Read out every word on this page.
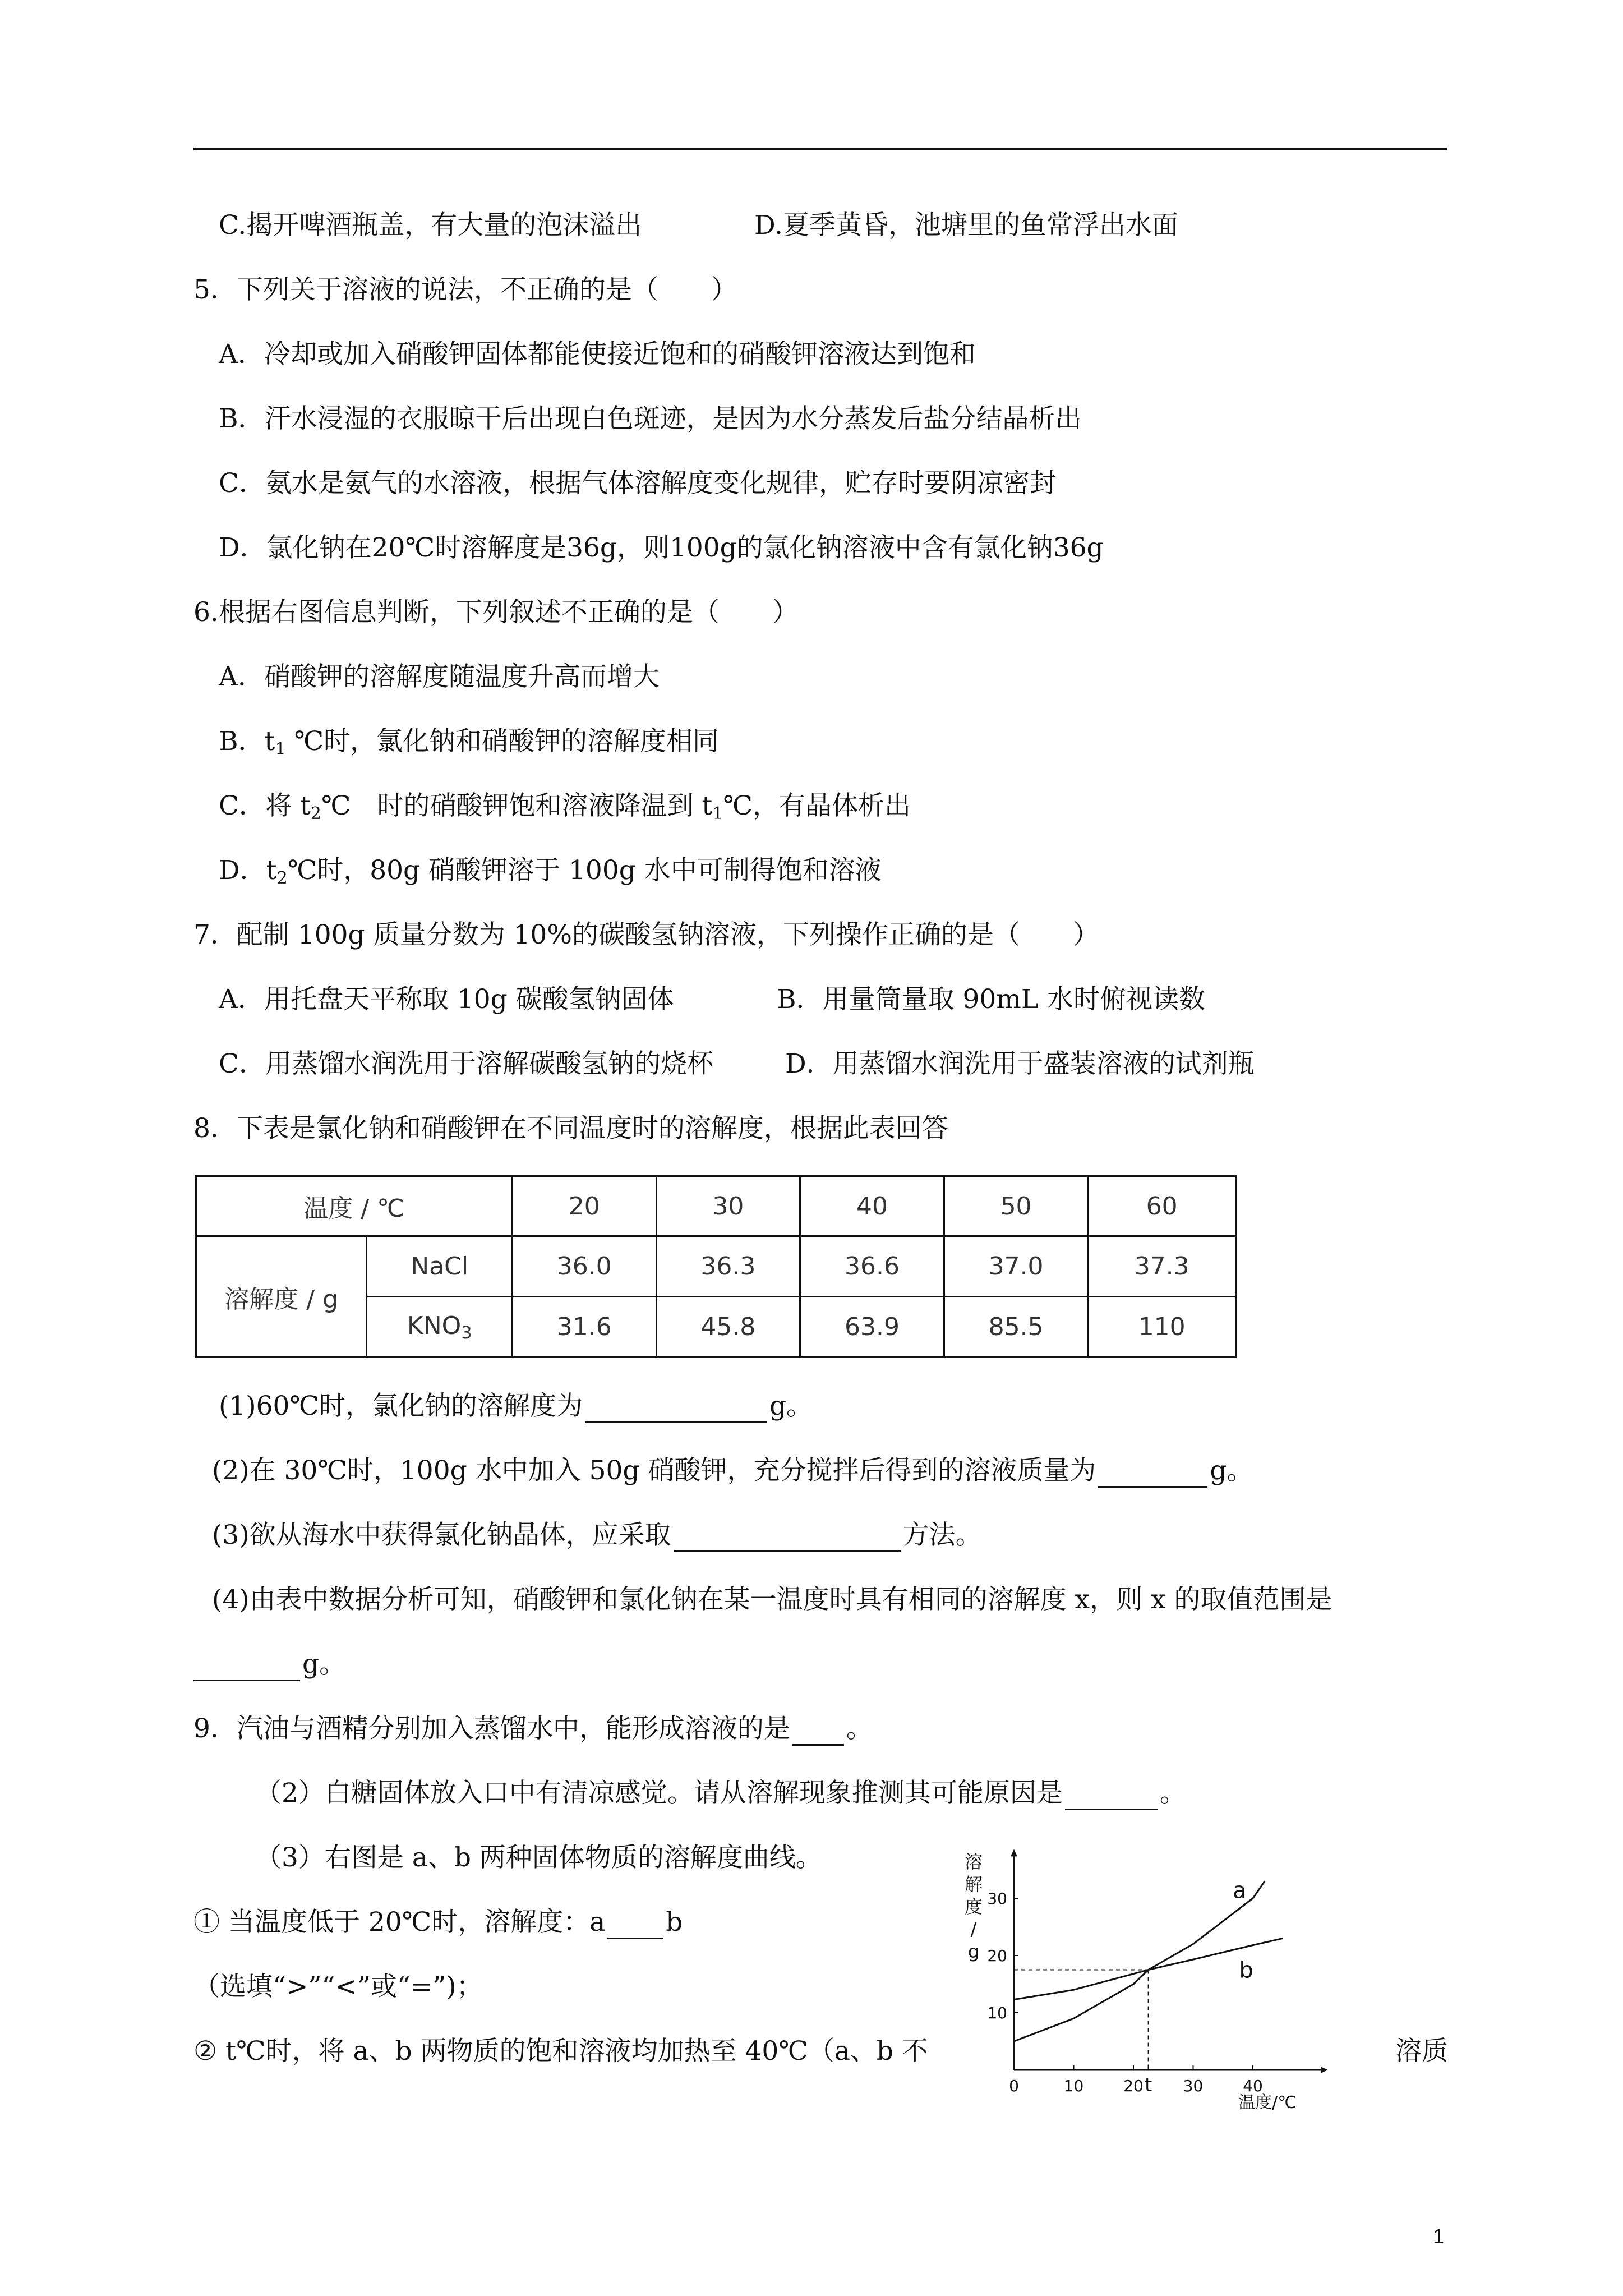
C.揭开啤酒瓶盖，有大量的泡沫溢出	D.夏季黄昏，池塘里的鱼常浮出水面
5．下列关于溶液的说法，不正确的是（　　）
A．冷却或加入硝酸钾固体都能使接近饱和的硝酸钾溶液达到饱和
B．汗水浸湿的衣服晾干后出现白色斑迹，是因为水分蒸发后盐分结晶析出
C．氨水是氨气的水溶液，根据气体溶解度变化规律，贮存时要阴凉密封
D．氯化钠在20℃时溶解度是36g，则100g的氯化钠溶液中含有氯化钠36g
6.根据右图信息判断，下列叙述不正确的是（　　）
A．硝酸钾的溶解度随温度升高而增大
B．$t_1$ ℃时，氯化钠和硝酸钾的溶解度相同
C．将 $t_2℃$　时的硝酸钾饱和溶液降温到 $t_1℃$，有晶体析出
D．$t_2℃$时，80g 硝酸钾溶于 100g 水中可制得饱和溶液
7．配制 100g 质量分数为 10%的碳酸氢钠溶液，下列操作正确的是（　　）
A．用托盘天平称取 10g 碳酸氢钠固体	B．用量筒量取 90mL 水时俯视读数
C．用蒸馏水润洗用于溶解碳酸氢钠的烧杯	D．用蒸馏水润洗用于盛装溶液的试剂瓶
8．下表是氯化钠和硝酸钾在不同温度时的溶解度，根据此表回答
温度 / ℃		20	30	40	50	60
溶解度 / g	NaCl	36.0	36.3	36.6	37.0	37.3
	$KNO_3$	31.6	45.8	63.9	85.5	110
(1)60℃时，氯化钠的溶解度为	g。
(2)在 30℃时，100g 水中加入 50g 硝酸钾，充分搅拌后得到的溶液质量为	g。
(3)欲从海水中获得氯化钠晶体，应采取	方法。
(4)由表中数据分析可知，硝酸钾和氯化钠在某一温度时具有相同的溶解度 x，则 x 的取值范围是
g。
9．汽油与酒精分别加入蒸馏水中，能形成溶液的是 。
（2）白糖固体放入口中有清凉感觉。请从溶解现象推测其可能原因是	。
（3）右图是 a、b 两种固体物质的溶解度曲线。
① 当温度低于 20℃时，溶解度：a b
（选填“>”“<”或“=”)；
② t℃时，将 a、b 两物质的饱和溶液均加热至 40℃（a、b 不	溶质
溶
解
度
/
g
0	10	20 t 30	40
10
20
30	a
b
温度/℃
1
